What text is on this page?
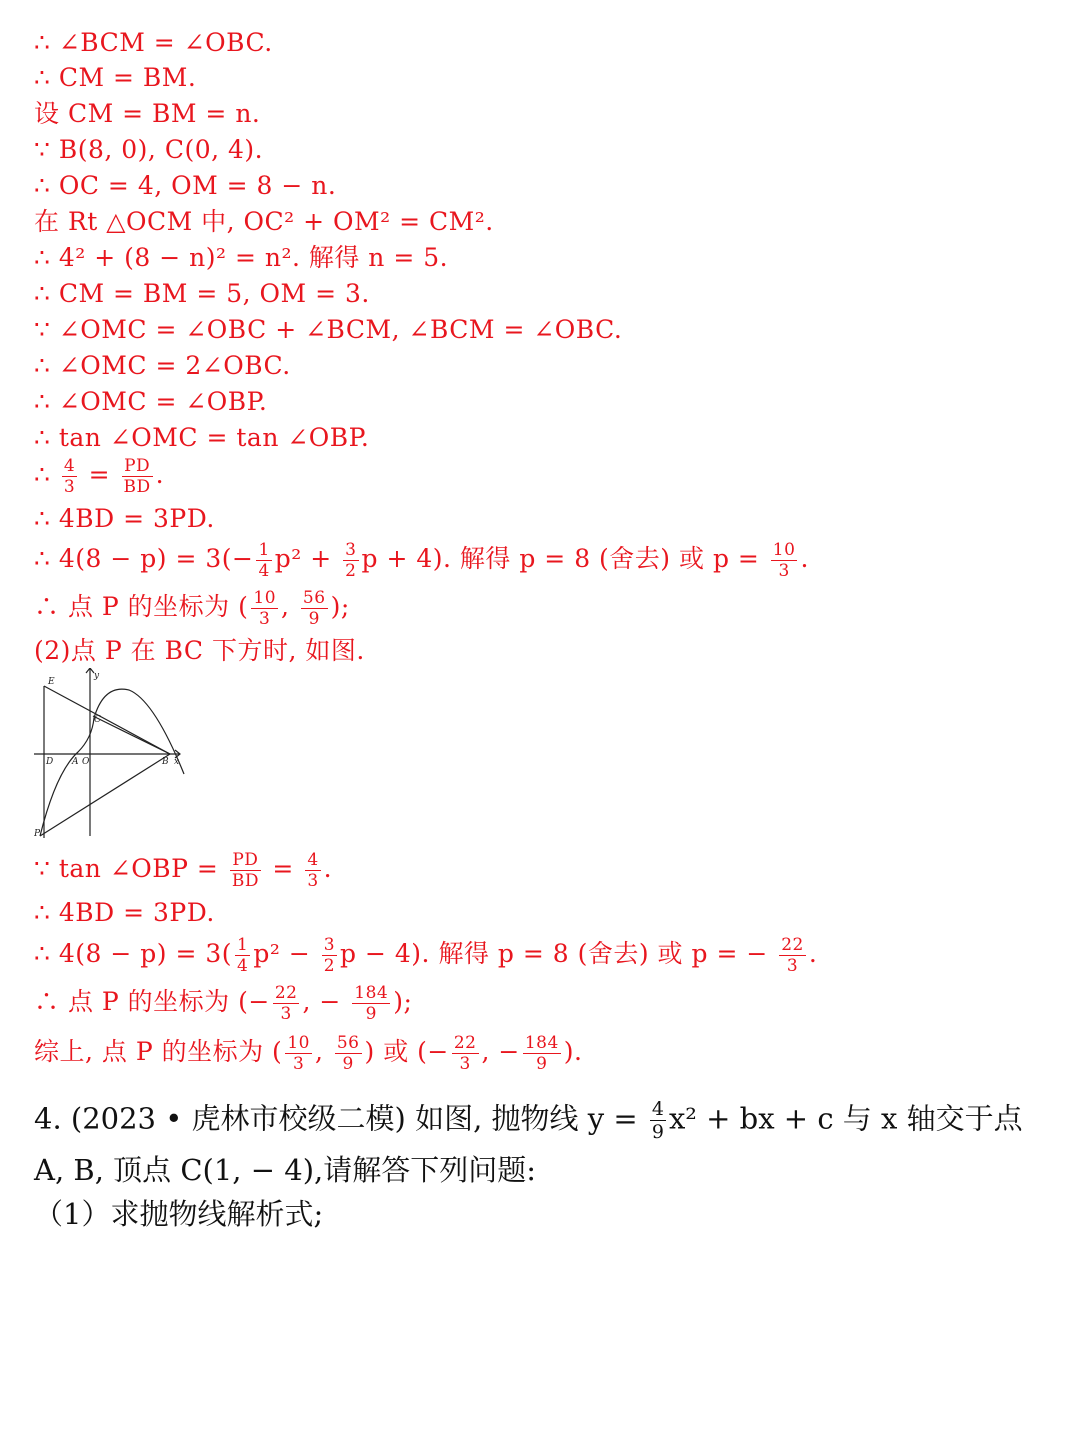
∴ ∠BCM = ∠OBC.
∴ CM = BM.
设 CM = BM = n.
∵ B(8, 0), C(0, 4).
∴ OC = 4, OM = 8 − n.
在 Rt △OCM 中, OC² + OM² = CM².
∴ 4² + (8 − n)² = n². 解得 n = 5.
∴ CM = BM = 5, OM = 3.
∵ ∠OMC = ∠OBC + ∠BCM, ∠BCM = ∠OBC.
∴ ∠OMC = 2∠OBC.
∴ ∠OMC = ∠OBP.
∴ tan ∠OMC = tan ∠OBP.
∴ $\frac{4}{3} = \frac{PD}{BD}$ .
∴ 4BD = 3PD.
∴ $4(8 - p) = 3(- \frac{1}{4} p^2 + \frac{3}{2}$ p + 4). 解得 p = 8 (舍去) 或 $p = \frac{10}{3}$ .
∴ 点 P 的坐标为 ( $\frac{10}{3}$ , $\frac{56}{9}$ );
(2)点 P 在 BC 下方时, 如图.
E
y
C
D A O	B x
P
∵ tan ∠OBP = $\frac{PD}{BD} = \frac{4}{3}$ .
∴ 4BD = 3PD.
∴ $4(8 - p) = 3( \frac{1}{4} p^2 - \frac{3}{2}$ p − 4). 解得 p = 8 (舍去) 或 p = − $\frac{22}{3}$ .
∴ 点 P 的坐标为 (− $\frac{22}{3}$ , − $\frac{184}{9}$ );
综上, 点 P 的坐标为 ( $\frac{10}{3}$ , $\frac{56}{9}$ ) 或 (− $\frac{22}{3}$ , − $\frac{184}{9}$ ).
4. (2023 • 虎林市校级二模) 如图, 抛物线 $y = \frac{4}{9} x^2$ + bx + c 与 x 轴交于点
A, B, 顶点 C(1, − 4),请解答下列问题:
（1）求抛物线解析式;
